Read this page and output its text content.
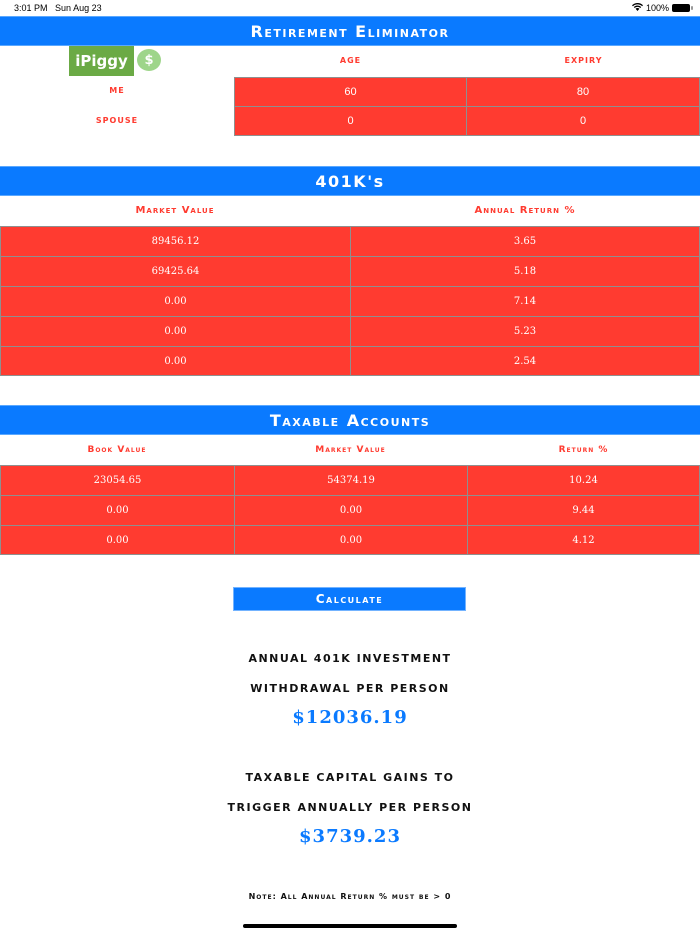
3:01 PM Sun Aug 23	100%
Retirement Eliminator
iPiggy $	AGE	EXPIRY
ME	60	80
SPOUSE	0	0
401K's
Market Value	Annual Return %
89456.12	3.65
69425.64	5.18
0.00	7.14
0.00	5.23
0.00	2.54
Taxable Accounts
Book Value	Market Value	Return %
23054.65	54374.19	10.24
0.00	0.00	9.44
0.00	0.00	4.12
Calculate
ANNUAL 401K INVESTMENT
WITHDRAWAL PER PERSON
$12036.19
TAXABLE CAPITAL GAINS TO
TRIGGER ANNUALLY PER PERSON
$3739.23
Note: All Annual Return % must be > 0
